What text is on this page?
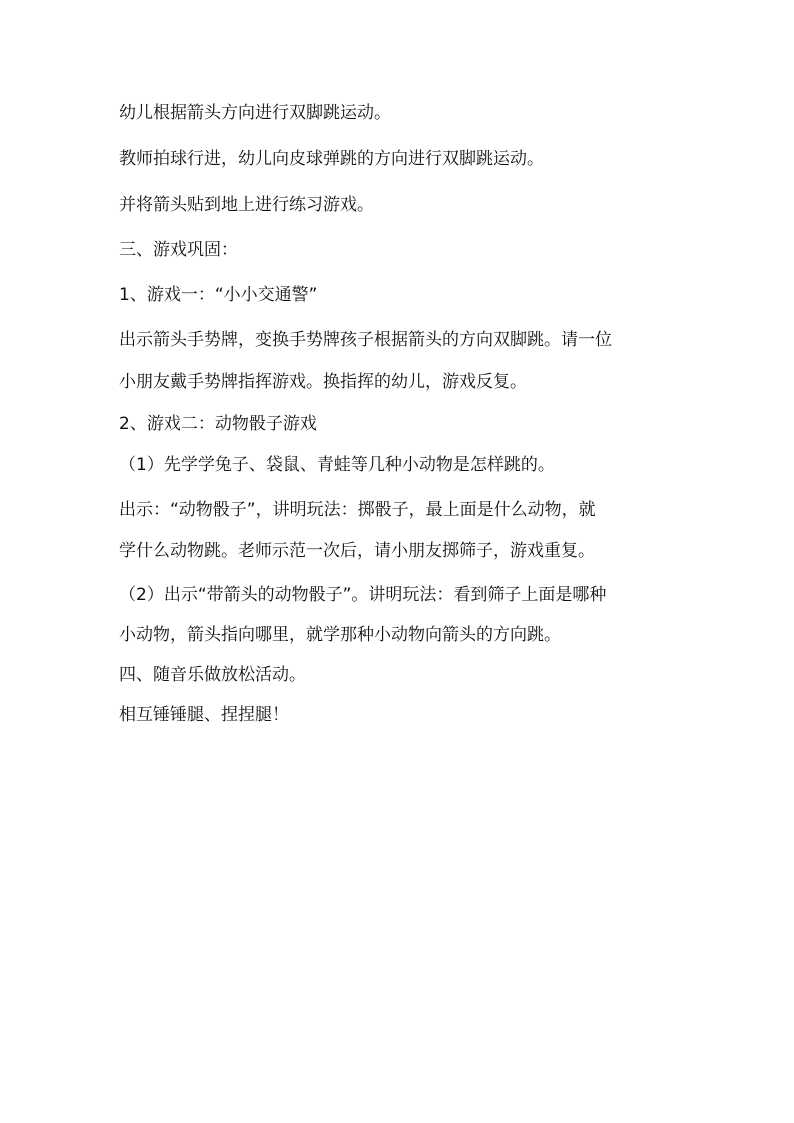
幼儿根据箭头方向进行双脚跳运动。
教师拍球行进，幼儿向皮球弹跳的方向进行双脚跳运动。
并将箭头贴到地上进行练习游戏。
三、游戏巩固：
1、游戏一：“小小交通警”
出示箭头手势牌，变换手势牌孩子根据箭头的方向双脚跳。请一位
小朋友戴手势牌指挥游戏。换指挥的幼儿，游戏反复。
2、游戏二：动物骰子游戏
（1）先学学兔子、袋鼠、青蛙等几种小动物是怎样跳的。
出示：“动物骰子”，讲明玩法：掷骰子，最上面是什么动物，就
学什么动物跳。老师示范一次后，请小朋友掷筛子，游戏重复。
（2）出示“带箭头的动物骰子”。讲明玩法：看到筛子上面是哪种
小动物，箭头指向哪里，就学那种小动物向箭头的方向跳。
四、随音乐做放松活动。
相互锤锤腿、捏捏腿！
